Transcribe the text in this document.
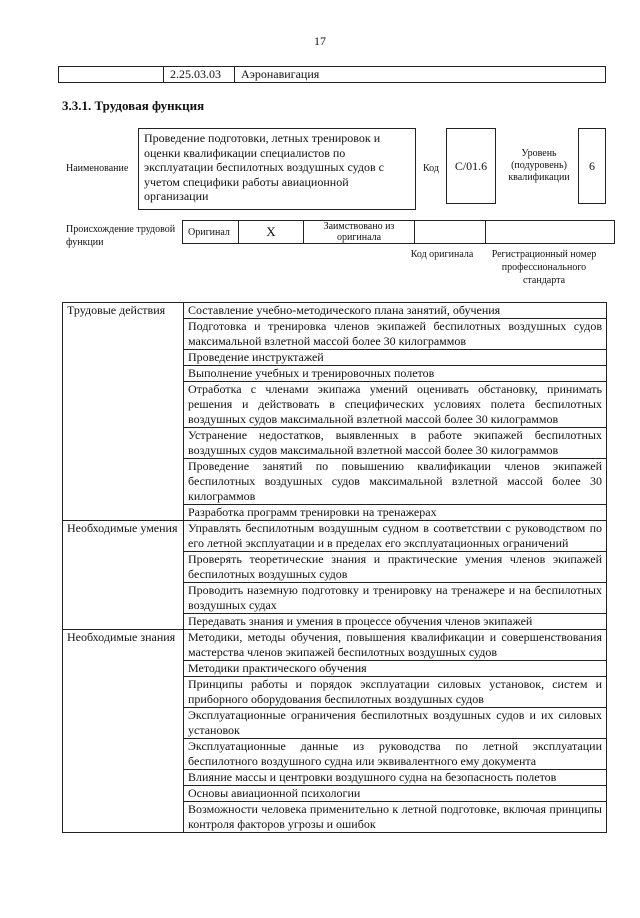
17
	2.25.03.03	Аэронавигация
3.3.1. Трудовая функция
Наименование
Проведение подготовки, летных тренировок и оценки квалификации специалистов по эксплуатации беспилотных воздушных судов с учетом специфики работы авиационной организации
Код	C/01.6
Уровень (подуровень) квалификации
6
Происхождение трудовой функции
Оригинал	X	Заимствовано из оригинала		
Код оригинала	Регистрационный номер профессионального стандарта
Трудовые действия	Составление учебно-методического плана занятий, обучения
	Подготовка и тренировка членов экипажей беспилотных воздушных судов максимальной взлетной массой более 30 килограммов
	Проведение инструктажей
	Выполнение учебных и тренировочных полетов
	Отработка с членами экипажа умений оценивать обстановку, принимать решения и действовать в специфических условиях полета беспилотных воздушных судов максимальной взлетной массой более 30 килограммов
	Устранение недостатков, выявленных в работе экипажей беспилотных воздушных судов максимальной взлетной массой более 30 килограммов
	Проведение занятий по повышению квалификации членов экипажей беспилотных воздушных судов максимальной взлетной массой более 30 килограммов
	Разработка программ тренировки на тренажерах
Необходимые умения	Управлять беспилотным воздушным судном в соответствии с руководством по его летной эксплуатации и в пределах его эксплуатационных ограничений
	Проверять теоретические знания и практические умения членов экипажей беспилотных воздушных судов
	Проводить наземную подготовку и тренировку на тренажере и на беспилотных воздушных судах
	Передавать знания и умения в процессе обучения членов экипажей
Необходимые знания	Методики, методы обучения, повышения квалификации и совершенствования мастерства членов экипажей беспилотных воздушных судов
	Методики практического обучения
	Принципы работы и порядок эксплуатации силовых установок, систем и приборного оборудования беспилотных воздушных судов
	Эксплуатационные ограничения беспилотных воздушных судов и их силовых установок
	Эксплуатационные данные из руководства по летной эксплуатации беспилотного воздушного судна или эквивалентного ему документа
	Влияние массы и центровки воздушного судна на безопасность полетов
	Основы авиационной психологии
	Возможности человека применительно к летной подготовке, включая принципы контроля факторов угрозы и ошибок
